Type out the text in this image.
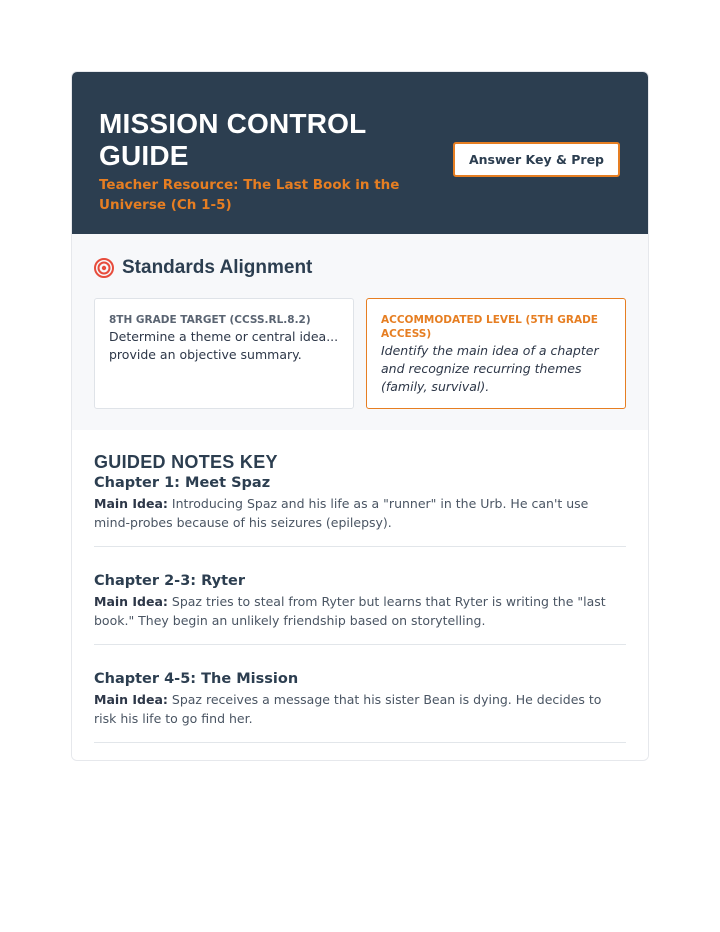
MISSION CONTROL GUIDE
Teacher Resource: The Last Book in the Universe (Ch 1-5)
Answer Key & Prep
Standards Alignment
8TH GRADE TARGET (CCSS.RL.8.2)
Determine a theme or central idea... provide an objective summary.
ACCOMMODATED LEVEL (5TH GRADE ACCESS)
Identify the main idea of a chapter and recognize recurring themes (family, survival).
GUIDED NOTES KEY
Chapter 1: Meet Spaz
Main Idea: Introducing Spaz and his life as a "runner" in the Urb. He can't use mind-probes because of his seizures (epilepsy).
Chapter 2-3: Ryter
Main Idea: Spaz tries to steal from Ryter but learns that Ryter is writing the "last book." They begin an unlikely friendship based on storytelling.
Chapter 4-5: The Mission
Main Idea: Spaz receives a message that his sister Bean is dying. He decides to risk his life to go find her.
